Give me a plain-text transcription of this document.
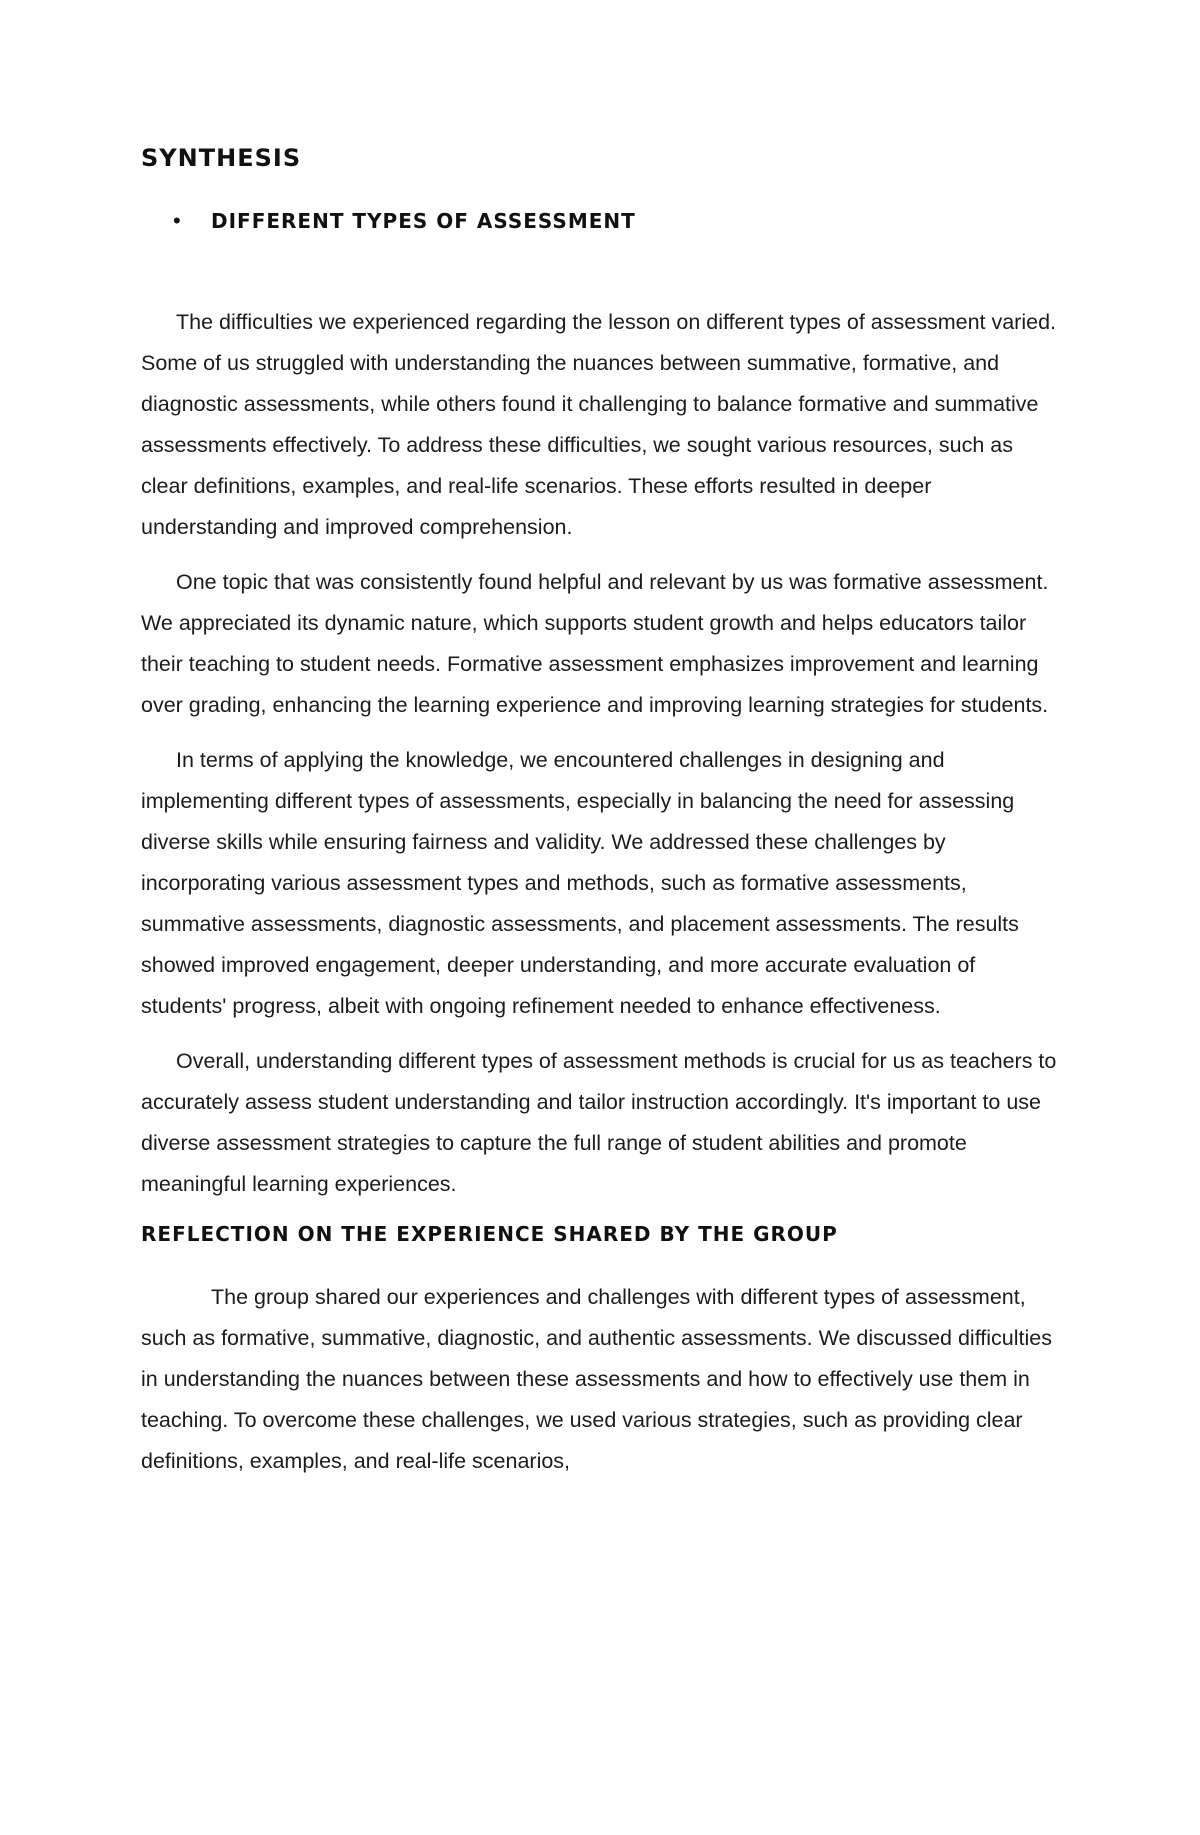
SYNTHESIS
•	DIFFERENT TYPES OF ASSESSMENT

The difficulties we experienced regarding the lesson on different types of assessment varied. Some of us struggled with understanding the nuances between summative, formative, and diagnostic assessments, while others found it challenging to balance formative and summative assessments effectively. To address these difficulties, we sought various resources, such as clear definitions, examples, and real-life scenarios. These efforts resulted in deeper understanding and improved comprehension.

One topic that was consistently found helpful and relevant by us was formative assessment. We appreciated its dynamic nature, which supports student growth and helps educators tailor their teaching to student needs. Formative assessment emphasizes improvement and learning over grading, enhancing the learning experience and improving learning strategies for students.

In terms of applying the knowledge, we encountered challenges in designing and implementing different types of assessments, especially in balancing the need for assessing diverse skills while ensuring fairness and validity. We addressed these challenges by incorporating various assessment types and methods, such as formative assessments, summative assessments, diagnostic assessments, and placement assessments. The results showed improved engagement, deeper understanding, and more accurate evaluation of students' progress, albeit with ongoing refinement needed to enhance effectiveness.

Overall, understanding different types of assessment methods is crucial for us as teachers to accurately assess student understanding and tailor instruction accordingly. It's important to use diverse assessment strategies to capture the full range of student abilities and promote meaningful learning experiences.

REFLECTION ON THE EXPERIENCE SHARED BY THE GROUP

The group shared our experiences and challenges with different types of assessment, such as formative, summative, diagnostic, and authentic assessments. We discussed difficulties in understanding the nuances between these assessments and how to effectively use them in teaching. To overcome these challenges, we used various strategies, such as providing clear definitions, examples, and real-life scenarios,
